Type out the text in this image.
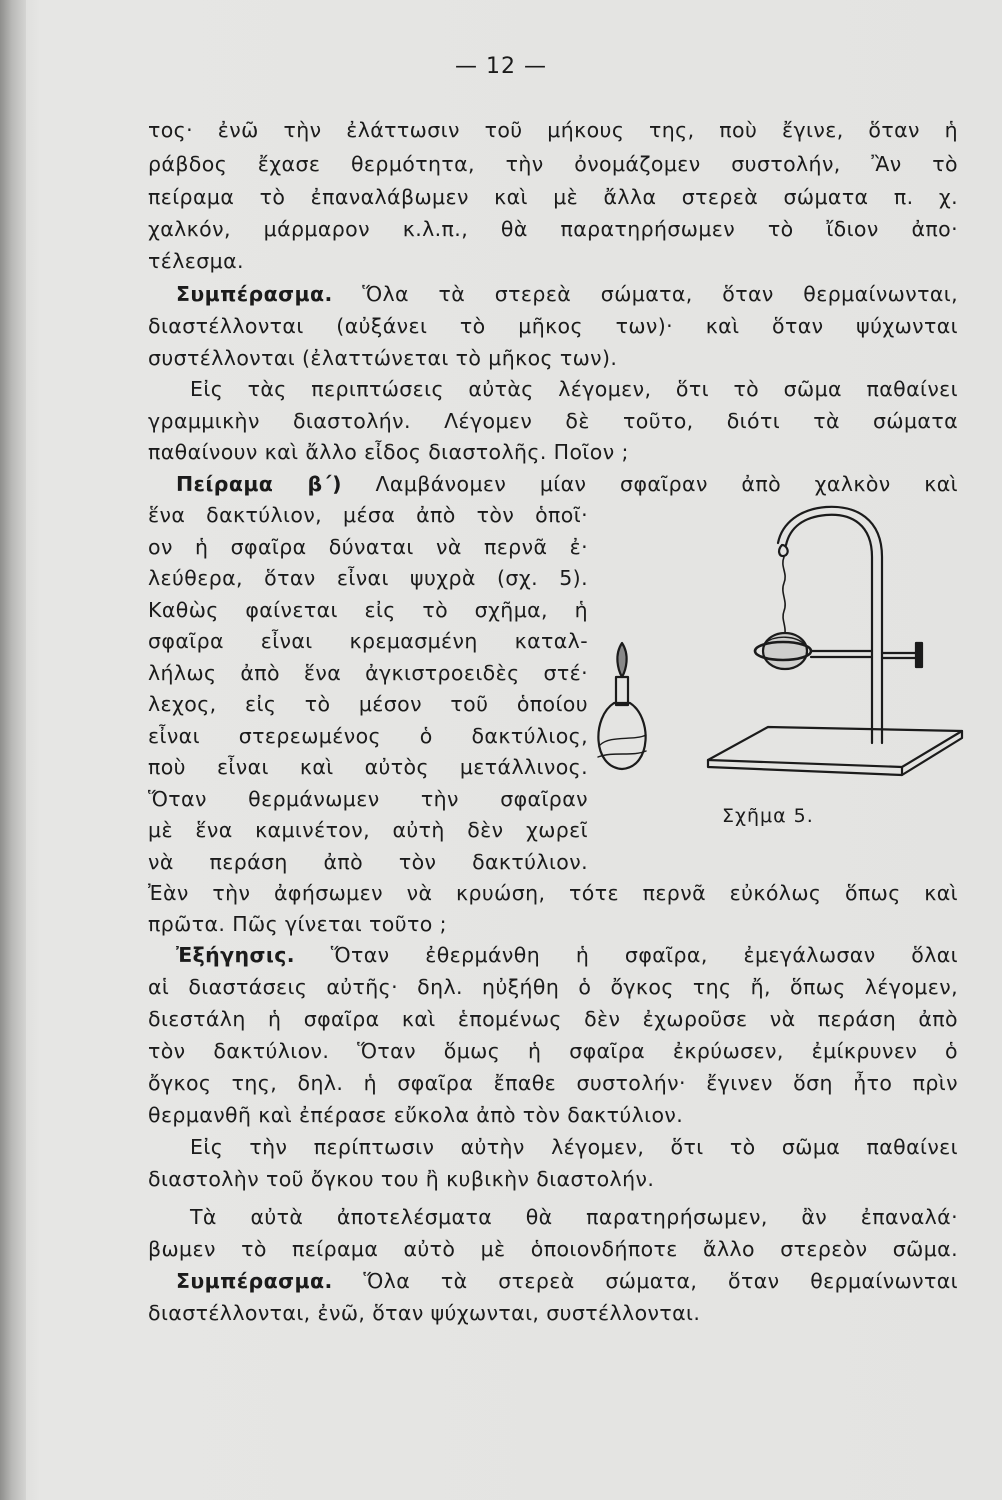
— 12 —

τος· ἐνῶ τὴν ἐλάττωσιν τοῦ μήκους της, ποὺ ἔγινε, ὅταν ἡ

ράβδος ἔχασε θερμότητα, τὴν ὀνομάζομεν συστολήν, Ἂν τὸ

πείραμα τὸ ἐπαναλάβωμεν καὶ μὲ ἄλλα στερεὰ σώματα π. χ.

χαλκόν, μάρμαρον κ.λ.π., θὰ παρατηρήσωμεν τὸ ἴδιον ἀπο·

τέλεσμα.

Συμπέρασμα. Ὅλα τὰ στερεὰ σώματα, ὅταν θερμαίνωνται,

διαστέλλονται (αὐξάνει τὸ μῆκος των)· καὶ ὅταν ψύχωνται

συστέλλονται (ἐλαττώνεται τὸ μῆκος των).

Εἰς τὰς περιπτώσεις αὐτὰς λέγομεν, ὅτι τὸ σῶμα παθαίνει

γραμμικὴν διαστολήν. Λέγομεν δὲ τοῦτο, διότι τὰ σώματα

παθαίνουν καὶ ἄλλο εἶδος διαστολῆς. Ποῖον ;

Πείραμα β΄) Λαμβάνομεν μίαν σφαῖραν ἀπὸ χαλκὸν καὶ

ἕνα δακτύλιον, μέσα ἀπὸ τὸν ὁποῖ·

ον ἡ σφαῖρα δύναται νὰ περνᾶ ἐ·

λεύθερα, ὅταν εἶναι ψυχρὰ (σχ. 5).

Καθὼς φαίνεται εἰς τὸ σχῆμα, ἡ

σφαῖρα εἶναι κρεμασμένη καταλ-

λήλως ἀπὸ ἕνα ἀγκιστροειδὲς στέ·

λεχος, εἰς τὸ μέσον τοῦ ὁποίου

εἶναι στερεωμένος ὁ δακτύλιος,

ποὺ εἶναι καὶ αὐτὸς μετάλλινος.

Ὅταν θερμάνωμεν τὴν σφαῖραν

μὲ ἕνα καμινέτον, αὐτὴ δὲν χωρεῖ

νὰ περάση ἀπὸ τὸν δακτύλιον.

Ἐὰν τὴν ἀφήσωμεν νὰ κρυώση, τότε περνᾶ εὐκόλως ὅπως καὶ

πρῶτα. Πῶς γίνεται τοῦτο ;

Σχῆμα 5.

Ἐξήγησις. Ὅταν ἐθερμάνθη ἡ σφαῖρα, ἐμεγάλωσαν ὅλαι

αἱ διαστάσεις αὐτῆς· δηλ. ηὐξήθη ὁ ὄγκος της ἤ, ὅπως λέγομεν,

διεστάλη ἡ σφαῖρα καὶ ἑπομένως δὲν ἐχωροῦσε νὰ περάση ἀπὸ

τὸν δακτύλιον. Ὅταν ὅμως ἡ σφαῖρα ἐκρύωσεν, ἐμίκρυνεν ὁ

ὄγκος της, δηλ. ἡ σφαῖρα ἔπαθε συστολήν· ἔγινεν ὅση ἦτο πρὶν

θερμανθῆ καὶ ἐπέρασε εὔκολα ἀπὸ τὸν δακτύλιον.

Εἰς τὴν περίπτωσιν αὐτὴν λέγομεν, ὅτι τὸ σῶμα παθαίνει

διαστολὴν τοῦ ὄγκου του ἢ κυβικὴν διαστολήν.

Τὰ αὐτὰ ἀποτελέσματα θὰ παρατηρήσωμεν, ἂν ἐπαναλά·

βωμεν τὸ πείραμα αὐτὸ μὲ ὁποιονδήποτε ἄλλο στερεὸν σῶμα.

Συμπέρασμα. Ὅλα τὰ στερεὰ σώματα, ὅταν θερμαίνωνται

διαστέλλονται, ἐνῶ, ὅταν ψύχωνται, συστέλλονται.
